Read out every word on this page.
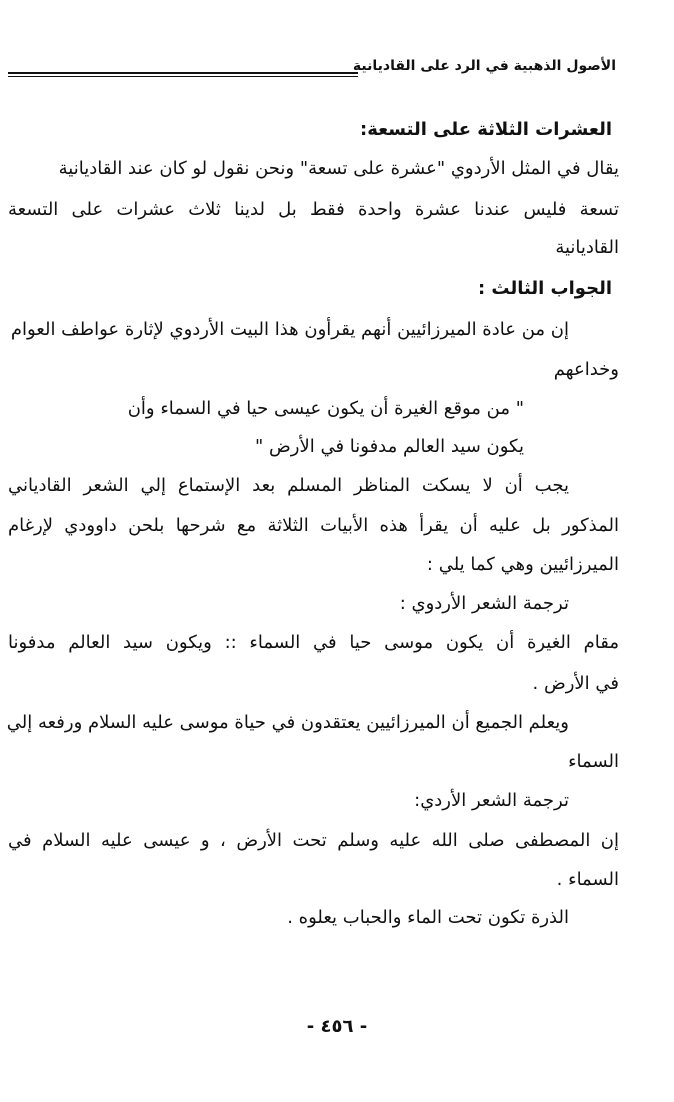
الأصول الذهبية في الرد على القاديانية
العشرات الثلاثة على التسعة:
يقال في المثل الأردوي "عشرة على تسعة" ونحن نقول لو كان عند القاديانية
تسعة فليس عندنا عشرة واحدة فقط بل لدينا ثلاث عشرات على التسعة
القاديانية
الجواب الثالث :
إن من عادة الميرزائيين أنهم يقرأون هذا البيت الأردوي لإثارة عواطف العوام
وخداعهم
" من موقع الغيرة أن يكون عيسى حيا في السماء وأن
يكون سيد العالم مدفونا في الأرض "
يجب أن لا يسكت المناظر المسلم بعد الإستماع إلي الشعر القادياني
المذكور بل عليه أن يقرأ هذه الأبيات الثلاثة مع شرحها بلحن داوودي لإرغام
الميرزائيين وهي كما يلي :
ترجمة الشعر الأردوي :
مقام الغيرة أن يكون موسى حيا في السماء :: ويكون سيد العالم مدفونا
في الأرض .
ويعلم الجميع أن الميرزائيين يعتقدون في حياة موسى عليه السلام ورفعه إلي
السماء
ترجمة الشعر الأردي:
إن المصطفى صلى الله عليه وسلم تحت الأرض ، و عيسى عليه السلام في
السماء .
الذرة تكون تحت الماء والحباب يعلوه .
- ٤٥٦ -
